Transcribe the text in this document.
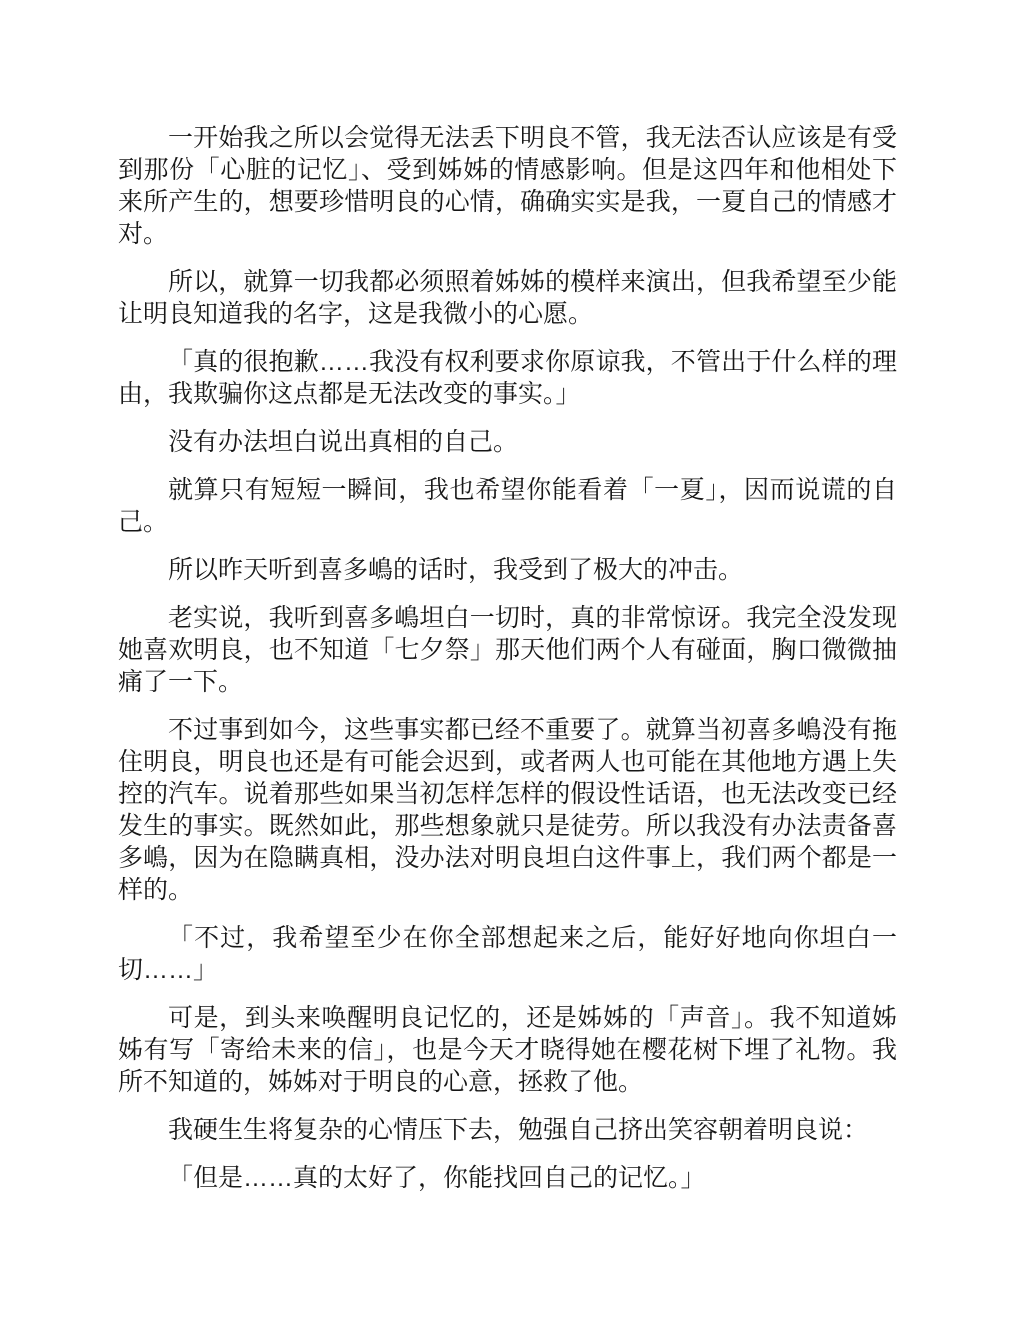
一开始我之所以会觉得无法丢下明良不管，我无法否认应该是有受到那份「心脏的记忆」、受到姊姊的情感影响。但是这四年和他相处下来所产生的，想要珍惜明良的心情，确确实实是我，一夏自己的情感才对。

所以，就算一切我都必须照着姊姊的模样来演出，但我希望至少能让明良知道我的名字，这是我微小的心愿。

「真的很抱歉……我没有权利要求你原谅我，不管出于什么样的理由，我欺骗你这点都是无法改变的事实。」

没有办法坦白说出真相的自己。

就算只有短短一瞬间，我也希望你能看着「一夏」，因而说谎的自己。

所以昨天听到喜多嶋的话时，我受到了极大的冲击。

老实说，我听到喜多嶋坦白一切时，真的非常惊讶。我完全没发现她喜欢明良，也不知道「七夕祭」那天他们两个人有碰面，胸口微微抽痛了一下。

不过事到如今，这些事实都已经不重要了。就算当初喜多嶋没有拖住明良，明良也还是有可能会迟到，或者两人也可能在其他地方遇上失控的汽车。说着那些如果当初怎样怎样的假设性话语，也无法改变已经发生的事实。既然如此，那些想象就只是徒劳。所以我没有办法责备喜多嶋，因为在隐瞒真相，没办法对明良坦白这件事上，我们两个都是一样的。

「不过，我希望至少在你全部想起来之后，能好好地向你坦白一切……」

可是，到头来唤醒明良记忆的，还是姊姊的「声音」。我不知道姊姊有写「寄给未来的信」，也是今天才晓得她在樱花树下埋了礼物。我所不知道的，姊姊对于明良的心意，拯救了他。

我硬生生将复杂的心情压下去，勉强自己挤出笑容朝着明良说：

「但是……真的太好了，你能找回自己的记忆。」
